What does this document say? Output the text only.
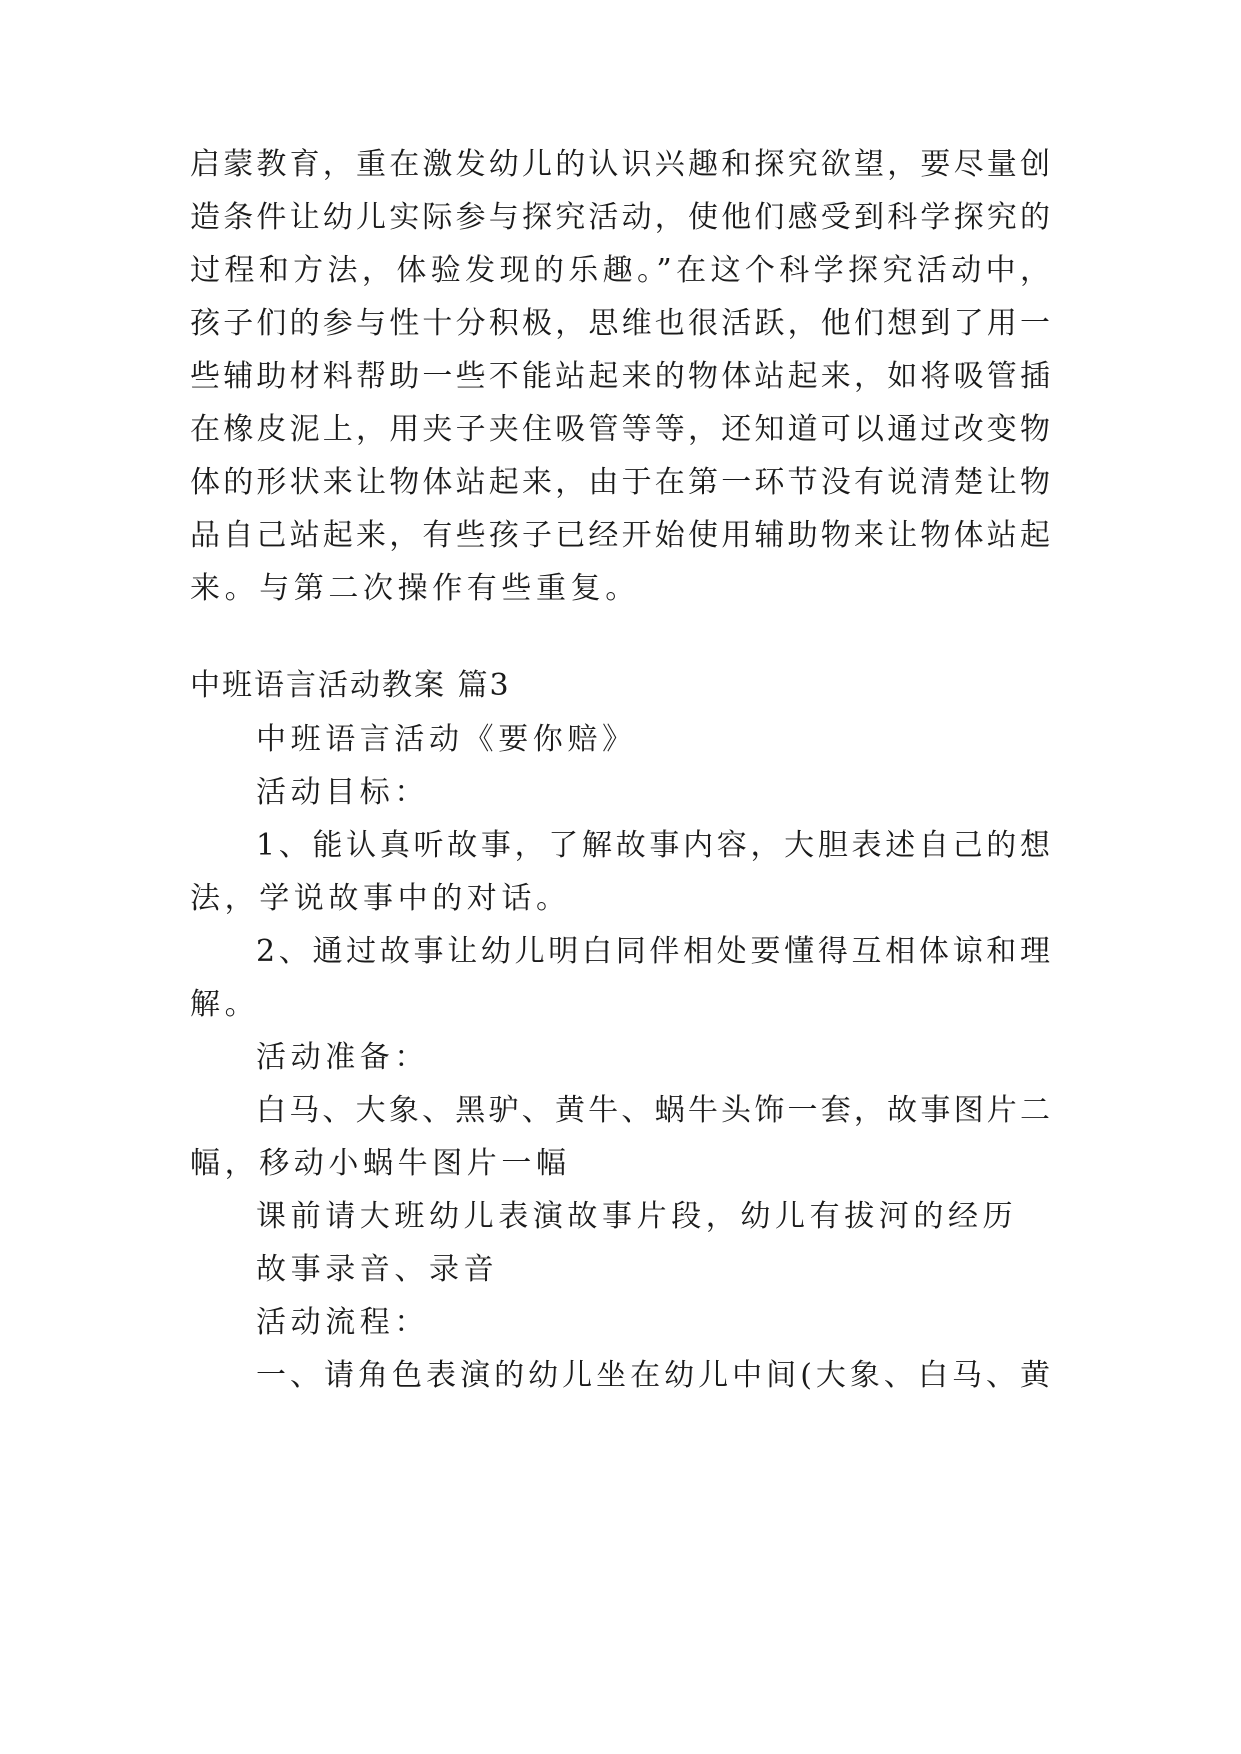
启蒙教育，重在激发幼儿的认识兴趣和探究欲望，要尽量创
造条件让幼儿实际参与探究活动，使他们感受到科学探究的
过程和方法，体验发现的乐趣。”在这个科学探究活动中，
孩子们的参与性十分积极，思维也很活跃，他们想到了用一
些辅助材料帮助一些不能站起来的物体站起来，如将吸管插
在橡皮泥上，用夹子夹住吸管等等，还知道可以通过改变物
体的形状来让物体站起来，由于在第一环节没有说清楚让物
品自己站起来，有些孩子已经开始使用辅助物来让物体站起
来。与第二次操作有些重复。
中班语言活动教案 篇3
中班语言活动《要你赔》
活动目标：
1、能认真听故事，了解故事内容，大胆表述自己的想
法，学说故事中的对话。
2、通过故事让幼儿明白同伴相处要懂得互相体谅和理
解。
活动准备：
白马、大象、黑驴、黄牛、蜗牛头饰一套，故事图片二
幅，移动小蜗牛图片一幅
课前请大班幼儿表演故事片段，幼儿有拔河的经历
故事录音、录音
活动流程：
一、请角色表演的幼儿坐在幼儿中间(大象、白马、黄
